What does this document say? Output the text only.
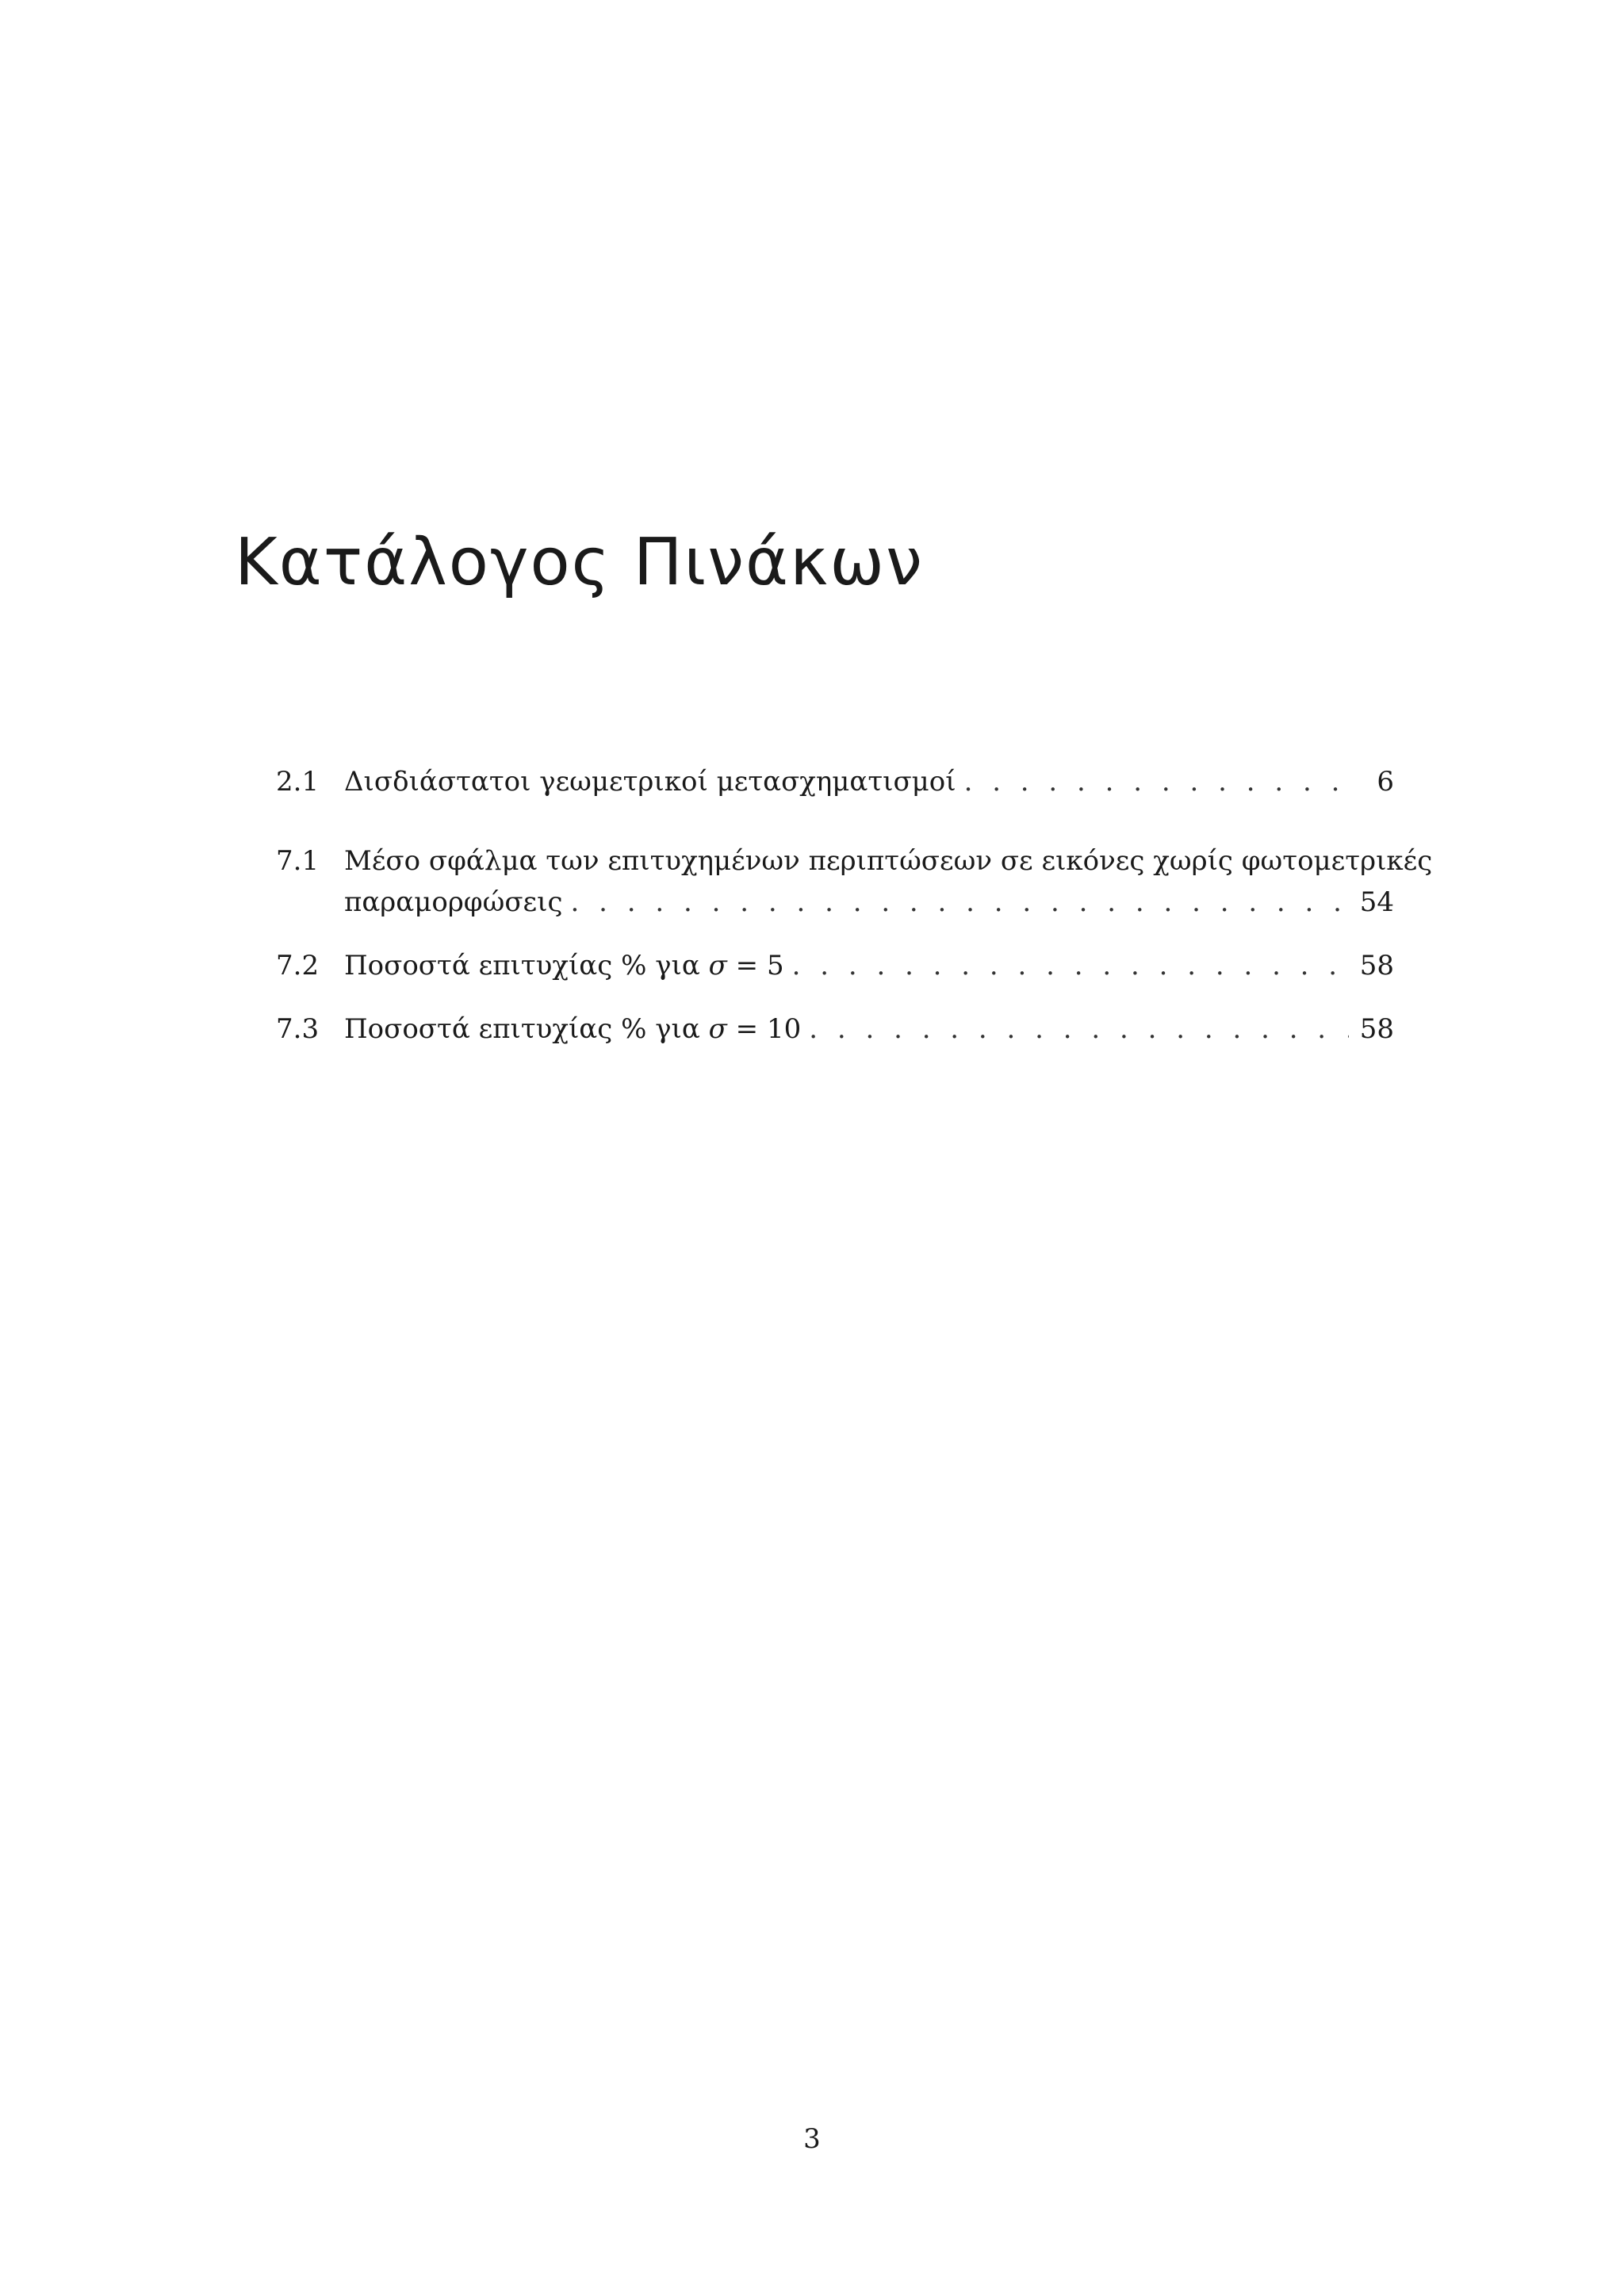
Κατάλογος Πινάκων
2.1 Δισδιάστατοι γεωμετρικοί μετασχηματισμοί . . .	6
7.1 Μέσο σφάλμα των επιτυχημένων περιπτώσεων σε εικόνες χωρίς φωτομετρικές
παραμορφώσεις . . .	54
7.2 Ποσοστά επιτυχίας % για σ = 5 . . .	58
7.3 Ποσοστά επιτυχίας % για σ = 10 . . .	58
3
